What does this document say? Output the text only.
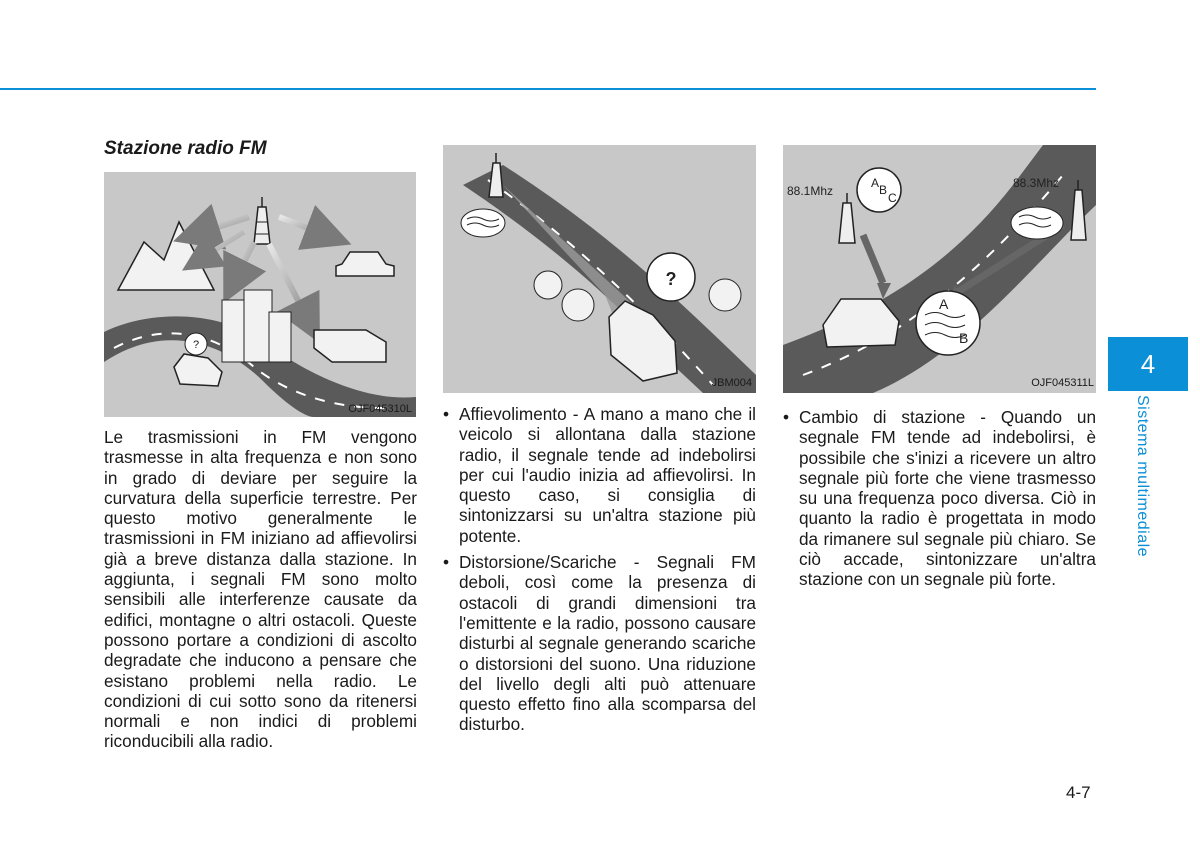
4
Sistema multimediale
Stazione radio FM
?
OJF045310L
?
JBM004
A B
C
A
B
88.1Mhz
88.3Mhz
OJF045311L

Le trasmissioni in FM vengono trasmesse in alta frequenza e non sono in grado di deviare per seguire la curvatura della superficie terrestre. Per questo motivo generalmente le trasmissioni in FM iniziano ad affievolirsi già a breve distanza dalla stazione. In aggiunta, i segnali FM sono molto sensibili alle interferenze causate da edifici, montagne o altri ostacoli. Queste possono portare a condizioni di ascolto degradate che inducono a pensare che esistano problemi nella radio. Le condizioni di cui sotto sono da ritenersi normali e non indici di problemi riconducibili alla radio.

• Affievolimento - A mano a mano che il veicolo si allontana dalla stazione radio, il segnale tende ad indebolirsi per cui l'audio inizia ad affievolirsi. In questo caso, si consiglia di sintonizzarsi su un'altra stazione più potente.
• Distorsione/Scariche - Segnali FM deboli, così come la presenza di ostacoli di grandi dimensioni tra l'emittente e la radio, possono causare disturbi al segnale generando scariche o distorsioni del suono. Una riduzione del livello degli alti può attenuare questo effetto fino alla scomparsa del disturbo.
• Cambio di stazione - Quando un segnale FM tende ad indebolirsi, è possibile che s'inizi a ricevere un altro segnale più forte che viene trasmesso su una frequenza poco diversa. Ciò in quanto la radio è progettata in modo da rimanere sul segnale più chiaro. Se ciò accade, sintonizzare un'altra stazione con un segnale più forte.
4-7
